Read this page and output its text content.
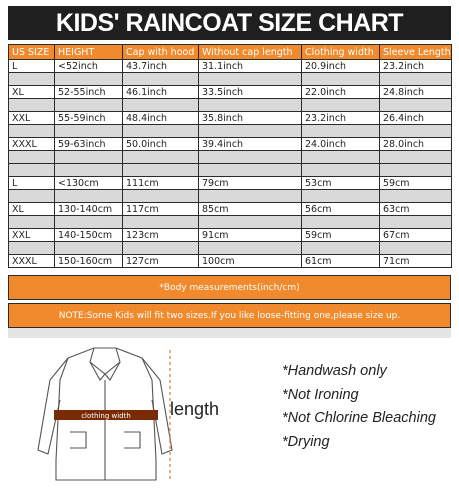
KIDS' RAINCOAT SIZE CHART
US SIZE	HEIGHT	Cap with hood	Without cap length	Clothing width	Sleeve Length
L	<52inch	43.7inch	31.1inch	20.9inch	23.2inch

XL	52-55inch	46.1inch	33.5inch	22.0inch	24.8inch

XXL	55-59inch	48.4inch	35.8inch	23.2inch	26.4inch

XXXL	59-63inch	50.0inch	39.4inch	24.0inch	28.0inch

L	<130cm	111cm	79cm	53cm	59cm

XL	130-140cm	117cm	85cm	56cm	63cm

XXL	140-150cm	123cm	91cm	59cm	67cm

XXXL	150-160cm	127cm	100cm	61cm	71cm
*Body measurements(inch/cm)
NOTE:Some Kids will fit two sizes.If you like loose-fitting one,please size up.
clothing width length
*Handwash only
*Not Ironing
*Not Chlorine Bleaching
*Drying
